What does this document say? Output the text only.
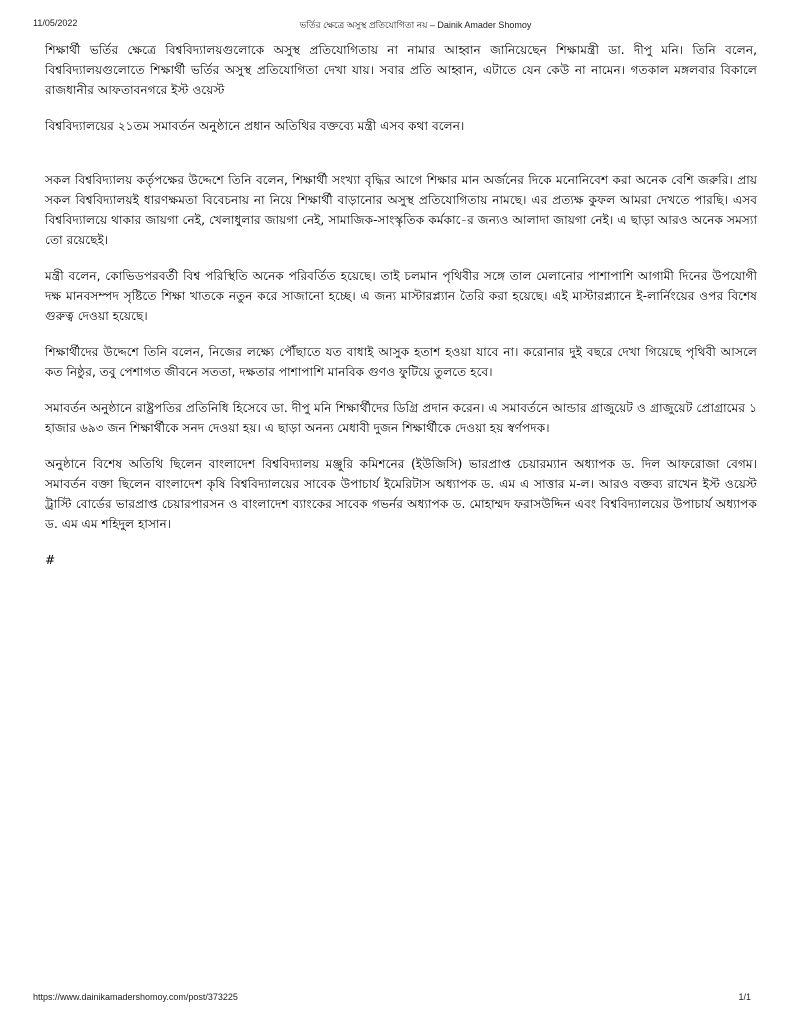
11/05/2022	ভর্তির ক্ষেত্রে অসুস্থ প্রতিযোগিতা নয় – Dainik Amader Shomoy

শিক্ষার্থী ভর্তির ক্ষেত্রে বিশ্ববিদ্যালয়গুলোকে অসুস্থ প্রতিযোগিতায় না নামার আহ্বান জানিয়েছেন শিক্ষামন্ত্রী ডা. দীপু মনি। তিনি বলেন, বিশ্ববিদ্যালয়গুলোতে শিক্ষার্থী ভর্তির অসুস্থ প্রতিযোগিতা দেখা যায়। সবার প্রতি আহ্বান, এটাতে যেন কেউ না নামেন। গতকাল মঙ্গলবার বিকালে রাজধানীর আফতাবনগরে ইস্ট ওয়েস্ট

বিশ্ববিদ্যালয়ের ২১তম সমাবর্তন অনুষ্ঠানে প্রধান অতিথির বক্তব্যে মন্ত্রী এসব কথা বলেন।

সকল বিশ্ববিদ্যালয় কর্তৃপক্ষের উদ্দেশে তিনি বলেন, শিক্ষার্থী সংখ্যা বৃদ্ধির আগে শিক্ষার মান অর্জনের দিকে মনোনিবেশ করা অনেক বেশি জরুরি। প্রায় সকল বিশ্ববিদ্যালয়ই ধারণক্ষমতা বিবেচনায় না নিয়ে শিক্ষার্থী বাড়ানোর অসুস্থ প্রতিযোগিতায় নামছে। এর প্রত্যক্ষ কুফল আমরা দেখতে পারছি। এসব বিশ্ববিদ্যালয়ে থাকার জায়গা নেই, খেলাধুলার জায়গা নেই, সামাজিক-সাংস্কৃতিক কর্মকা-ের জন্যও আলাদা জায়গা নেই। এ ছাড়া আরও অনেক সমস্যা তো রয়েছেই।

মন্ত্রী বলেন, কোভিডপরবর্তী বিশ্ব পরিস্থিতি অনেক পরিবর্তিত হয়েছে। তাই চলমান পৃথিবীর সঙ্গে তাল মেলানোর পাশাপাশি আগামী দিনের উপযোগী দক্ষ মানবসম্পদ সৃষ্টিতে শিক্ষা খাতকে নতুন করে সাজানো হচ্ছে। এ জন্য মাস্টারপ্ল্যান তৈরি করা হয়েছে। এই মাস্টারপ্ল্যানে ই-লার্নিংয়ের ওপর বিশেষ গুরুত্ব দেওয়া হয়েছে।

শিক্ষার্থীদের উদ্দেশে তিনি বলেন, নিজের লক্ষ্যে পৌঁছাতে যত বাধাই আসুক হতাশ হওয়া যাবে না। করোনার দুই বছরে দেখা গিয়েছে পৃথিবী আসলে কত নিষ্ঠুর, তবু পেশাগত জীবনে সততা, দক্ষতার পাশাপাশি মানবিক গুণও ফুটিয়ে তুলতে হবে।

সমাবর্তন অনুষ্ঠানে রাষ্ট্রপতির প্রতিনিধি হিসেবে ডা. দীপু মনি শিক্ষার্থীদের ডিগ্রি প্রদান করেন। এ সমাবর্তনে আন্ডার গ্রাজুয়েট ও গ্রাজুয়েট প্রোগ্রামের ১ হাজার ৬৯৩ জন শিক্ষার্থীকে সনদ দেওয়া হয়। এ ছাড়া অনন্য মেধাবী দুজন শিক্ষার্থীকে দেওয়া হয় স্বর্ণপদক।

অনুষ্ঠানে বিশেষ অতিথি ছিলেন বাংলাদেশ বিশ্ববিদ্যালয় মঞ্জুরি কমিশনের (ইউজিসি) ভারপ্রাপ্ত চেয়ারম্যান অধ্যাপক ড. দিল আফরোজা বেগম। সমাবর্তন বক্তা ছিলেন বাংলাদেশ কৃষি বিশ্ববিদ্যালয়ের সাবেক উপাচার্য ইমেরিটাস অধ্যাপক ড. এম এ সাত্তার ম-ল। আরও বক্তব্য রাখেন ইস্ট ওয়েস্ট ট্রাস্টি বোর্ডের ভারপ্রাপ্ত চেয়ারপারসন ও বাংলাদেশ ব্যাংকের সাবেক গভর্নর অধ্যাপক ড. মোহাম্মদ ফরাসউদ্দিন এবং বিশ্ববিদ্যালয়ের উপাচার্য অধ্যাপক ড. এম এম শহিদুল হাসান।

#

https://www.dainikamadershomoy.com/post/373225	1/1
